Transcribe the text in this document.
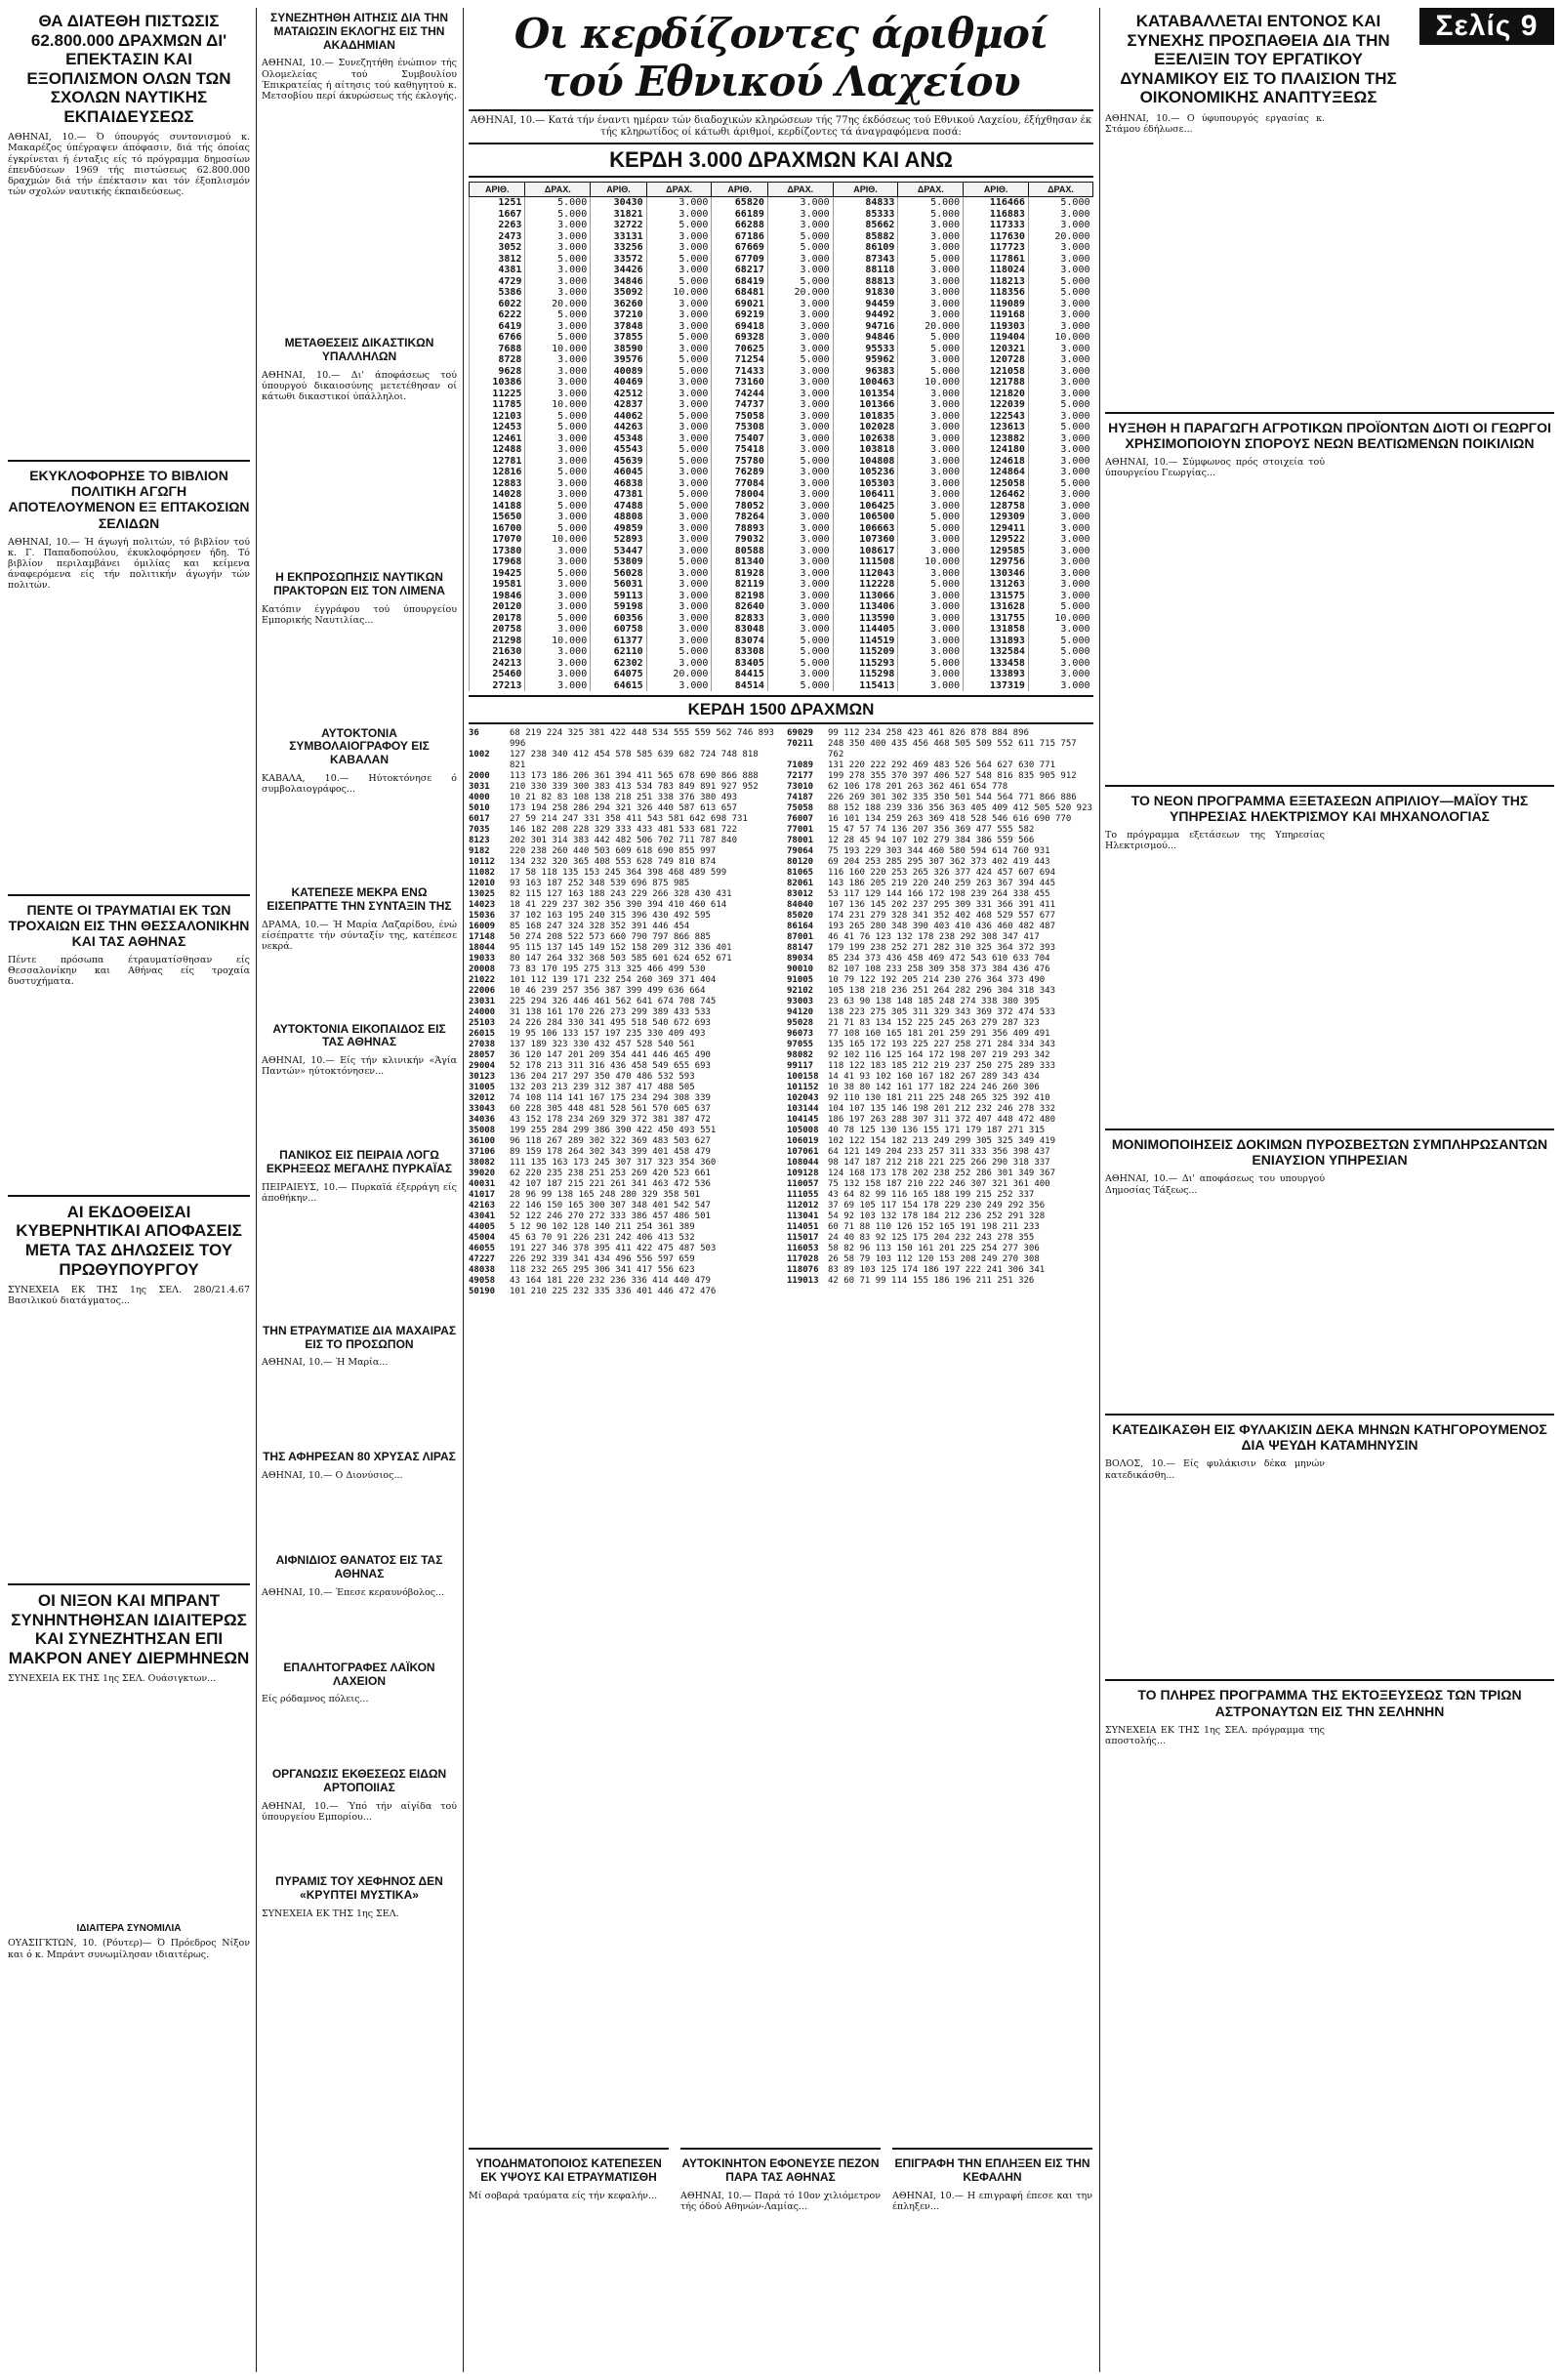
ΘΑ ΔΙΑΤΕΘΗ ΠΙΣΤΩΣΙΣ 62.800.000 ΔΡΑΧΜΩΝ ΔΙ' ΕΠΕΚΤΑΣΙΝ ΚΑΙ ΕΞΟΠΛΙΣΜΟΝ ΟΛΩΝ ΤΩΝ ΣΧΟΛΩΝ ΝΑΥΤΙΚΗΣ ΕΚΠΑΙΔΕΥΣΕΩΣ

ΑΘΗΝΑΙ, 10.— Ό ύπουργός συντονισμού κ. Μακαρέζος ύπέγραψεν άπόφασιν, διά τής όποίας έγκρίνεται ή ένταξις είς τό πρόγραμμα δημοσίων έπενδύσεων 1969 τής πιστώσεως 62.800.000 δραχμών διά τήν έπέκτασιν και τόν έξοπλισμόν τών σχολών ναυτικής έκπαιδεύσεως.

ΕΚΥΚΛΟΦΟΡΗΣΕ ΤΟ ΒΙΒΛΙΟΝ ΠΟΛΙΤΙΚΗ ΑΓΩΓΗ ΑΠΟΤΕΛΟΥΜΕΝΟΝ ΕΞ ΕΠΤΑΚΟΣΙΩΝ ΣΕΛΙΔΩΝ

ΑΘΗΝΑΙ, 10.— Ή άγωγή πολιτών, τό βιβλίον τού κ. Γ. Παπαδοπούλου, έκυκλοφόρησεν ήδη. Τό βιβλίον περιλαμβάνει όμιλίας και κείμενα άναφερόμενα είς τήν πολιτικήν άγωγήν τών πολιτών.

ΠΕΝΤΕ ΟΙ ΤΡΑΥΜΑΤΙΑΙ ΕΚ ΤΩΝ ΤΡΟΧΑΙΩΝ ΕΙΣ ΤΗΝ ΘΕΣΣΑΛΟΝΙΚΗΝ ΚΑΙ ΤΑΣ ΑΘΗΝΑΣ

Πέντε πρόσωπα έτραυματίσθησαν είς Θεσσαλονίκην και Αθήνας είς τροχαία δυστυχήματα.

ΑΙ ΕΚΔΟΘΕΙΣΑΙ ΚΥΒΕΡΝΗΤΙΚΑΙ ΑΠΟΦΑΣΕΙΣ ΜΕΤΑ ΤΑΣ ΔΗΛΩΣΕΙΣ ΤΟΥ ΠΡΩΘΥΠΟΥΡΓΟΥ

ΣΥΝΕΧΕΙΑ ΕΚ ΤΗΣ 1ης ΣΕΛ. 280/21.4.67 Βασιλικού διατάγματος...

ΟΙ ΝΙΞΟΝ ΚΑΙ ΜΠΡΑΝΤ ΣΥΝΗΝΤΗΘΗΣΑΝ ΙΔΙΑΙΤΕΡΩΣ ΚΑΙ ΣΥΝΕΖΗΤΗΣΑΝ ΕΠΙ ΜΑΚΡΟΝ ΑΝΕΥ ΔΙΕΡΜΗΝΕΩΝ

ΣΥΝΕΧΕΙΑ ΕΚ ΤΗΣ 1ης ΣΕΛ. Ουάσιγκτων...

ΙΔΙΑΙΤΕΡΑ ΣΥΝΟΜΙΛΙΑ

ΟΥΑΣΙΓΚΤΩΝ, 10. (Ρόυτερ)— Ό Πρόεδρος Νίξον και ό κ. Μπράντ συνωμίλησαν ιδιαιτέρως.

ΣΥΝΕΖΗΤΗΘΗ ΑΙΤΗΣΙΣ ΔΙΑ ΤΗΝ ΜΑΤΑΙΩΣΙΝ ΕΚΛΟΓΗΣ ΕΙΣ ΤΗΝ ΑΚΑΔΗΜΙΑΝ

ΑΘΗΝΑΙ, 10.— Συνεζητήθη ένώπιον τής Ολομελείας τού Συμβουλίου Έπικρατείας ή αίτησις τού καθηγητού κ. Μετσοβίου περί άκυρώσεως τής έκλογής.

ΜΕΤΑΘΕΣΕΙΣ ΔΙΚΑΣΤΙΚΩΝ ΥΠΑΛΛΗΛΩΝ

ΑΘΗΝΑΙ, 10.— Δι' άποφάσεως τού ύπουργού δικαιοσύνης μετετέθησαν οί κάτωθι δικαστικοί ύπάλληλοι.

Η ΕΚΠΡΟΣΩΠΗΣΙΣ ΝΑΥΤΙΚΩΝ ΠΡΑΚΤΟΡΩΝ ΕΙΣ ΤΟΝ ΛΙΜΕΝΑ

Κατόπιν έγγράφου τού ύπουργείου Εμπορικής Ναυτιλίας...

ΑΥΤΟΚΤΟΝΙΑ ΣΥΜΒΟΛΑΙΟΓΡΑΦΟΥ ΕΙΣ ΚΑΒΑΛΑΝ

ΚΑΒΑΛΑ, 10.— Ηύτοκτόνησε ό συμβολαιογράφος...

ΚΑΤΕΠΕΣΕ ΜΕΚΡΑ ΕΝΩ ΕΙΣΕΠΡΑΤΤΕ ΤΗΝ ΣΥΝΤΑΞΙΝ ΤΗΣ

ΔΡΑΜΑ, 10.— Ή Μαρία Λαζαρίδου, ένώ είσέπραττε τήν σύνταξίν της, κατέπεσε νεκρά.

ΑΥΤΟΚΤΟΝΙΑ ΕΙΚΟΠΑΙΔΟΣ ΕΙΣ ΤΑΣ ΑΘΗΝΑΣ

ΑΘΗΝΑΙ, 10.— Είς τήν κλινικήν «Άγία Παντών» ηύτοκτόνησεν...

ΠΑΝΙΚΟΣ ΕΙΣ ΠΕΙΡΑΙΑ ΛΟΓΩ ΕΚΡΗΞΕΩΣ ΜΕΓΑΛΗΣ ΠΥΡΚΑΪΑΣ

ΠΕΙΡΑΙΕΥΣ, 10.— Πυρκαϊά έξερράγη είς άποθήκην...

ΤΗΝ ΕΤΡΑΥΜΑΤΙΣΕ ΔΙΑ ΜΑΧΑΙΡΑΣ ΕΙΣ ΤΟ ΠΡΟΣΩΠΟΝ

ΑΘΗΝΑΙ, 10.— Ή Μαρία...

ΤΗΣ ΑΦΗΡΕΣΑΝ 80 ΧΡΥΣΑΣ ΛΙΡΑΣ

ΑΘΗΝΑΙ, 10.— Ο Διονύσιος...

ΑΙΦΝΙΔΙΟΣ ΘΑΝΑΤΟΣ ΕΙΣ ΤΑΣ ΑΘΗΝΑΣ

ΑΘΗΝΑΙ, 10.— Έπεσε κεραυνόβολος...

ΕΠΑΛΗΤΟΓΡΑΦΕΣ ΛΑΪΚΟΝ ΛΑΧΕΙΟΝ

Είς ρόδαμνος πόλεις...

ΟΡΓΑΝΩΣΙΣ ΕΚΘΕΣΕΩΣ ΕΙΔΩΝ ΑΡΤΟΠΟΙΙΑΣ

ΑΘΗΝΑΙ, 10.— Ύπό τήν αίγίδα τού ύπουργείου Εμπορίου...

ΠΥΡΑΜΙΣ ΤΟΥ ΧΕΦΗΝΟΣ ΔΕΝ «ΚΡΥΠΤΕΙ ΜΥΣΤΙΚΑ»

ΣΥΝΕΧΕΙΑ ΕΚ ΤΗΣ 1ης ΣΕΛ.

Οι κερδίζοντες άριθμοί τού Εθνικού Λαχείου
ΑΘΗΝΑΙ, 10.— Κατά τήν έναντι ημέραν τών διαδοχικών κληρώσεων τής 77ης έκδόσεως τού Εθνικού Λαχείου, έξήχθησαν έκ τής κληρωτίδος οί κάτωθι άριθμοί, κερδίζοντες τά άναγραφόμενα ποσά:
ΚΕΡΔΗ 3.000 ΔΡΑΧΜΩΝ ΚΑΙ ΑΝΩ
ΑΡΙΘ.	ΔΡΑΧ.	ΑΡΙΘ.	ΔΡΑΧ.	ΑΡΙΘ.	ΔΡΑΧ.	ΑΡΙΘ.	ΔΡΑΧ.	ΑΡΙΘ.	ΔΡΑΧ.
1251	5.000	30430	3.000	65820	3.000	84833	5.000	116466	5.000
1667	5.000	31821	3.000	66189	3.000	85333	5.000	116883	3.000
2263	3.000	32722	5.000	66288	3.000	85662	3.000	117333	3.000
2473	3.000	33131	3.000	67186	5.000	85882	3.000	117630	20.000
3052	3.000	33256	3.000	67669	5.000	86109	3.000	117723	3.000
3812	5.000	33572	5.000	67709	3.000	87343	5.000	117861	3.000
4381	3.000	34426	3.000	68217	3.000	88118	3.000	118024	3.000
4729	3.000	34846	5.000	68419	5.000	88813	3.000	118213	5.000
5386	3.000	35092	10.000	68481	20.000	91830	3.000	118356	5.000
6022	20.000	36260	3.000	69021	3.000	94459	3.000	119089	3.000
6222	5.000	37210	3.000	69219	3.000	94492	3.000	119168	3.000
6419	3.000	37848	3.000	69418	3.000	94716	20.000	119303	3.000
6766	5.000	37855	5.000	69328	3.000	94846	5.000	119404	10.000
7688	10.000	38590	3.000	70625	3.000	95533	5.000	120321	3.000
8728	3.000	39576	5.000	71254	5.000	95962	3.000	120728	3.000
9628	3.000	40089	5.000	71433	3.000	96383	5.000	121058	3.000
10386	3.000	40469	3.000	73160	3.000	100463	10.000	121788	3.000
11225	3.000	42512	3.000	74244	3.000	101354	3.000	121820	3.000
11785	10.000	42837	3.000	74737	3.000	101366	3.000	122039	5.000
12103	5.000	44062	5.000	75058	3.000	101835	3.000	122543	3.000
12453	5.000	44263	3.000	75308	3.000	102028	3.000	123613	5.000
12461	3.000	45348	3.000	75407	3.000	102638	3.000	123882	3.000
12488	3.000	45543	5.000	75418	3.000	103818	3.000	124180	3.000
12781	3.000	45639	5.000	75780	5.000	104808	3.000	124618	3.000
12816	5.000	46045	3.000	76289	3.000	105236	3.000	124864	3.000
12883	3.000	46838	3.000	77084	3.000	105303	3.000	125058	5.000
14028	3.000	47381	5.000	78004	3.000	106411	3.000	126462	3.000
14188	5.000	47488	5.000	78052	3.000	106425	3.000	128758	3.000
15650	3.000	48808	3.000	78264	3.000	106500	5.000	129309	3.000
16700	5.000	49859	3.000	78893	3.000	106663	5.000	129411	3.000
17070	10.000	52893	3.000	79032	3.000	107360	3.000	129522	3.000
17380	3.000	53447	3.000	80588	3.000	108617	3.000	129585	3.000
17968	3.000	53809	5.000	81340	3.000	111508	10.000	129756	3.000
19425	5.000	56028	3.000	81928	3.000	112043	3.000	130346	3.000
19581	3.000	56031	3.000	82119	3.000	112228	5.000	131263	3.000
19846	3.000	59113	3.000	82198	3.000	113066	3.000	131575	3.000
20120	3.000	59198	3.000	82640	3.000	113406	3.000	131628	5.000
20178	5.000	60356	3.000	82833	3.000	113590	3.000	131755	10.000
20758	3.000	60758	3.000	83048	3.000	114405	3.000	131858	3.000
21298	10.000	61377	3.000	83074	5.000	114519	3.000	131893	5.000
21630	3.000	62110	5.000	83308	5.000	115209	3.000	132584	5.000
24213	3.000	62302	3.000	83405	5.000	115293	5.000	133458	3.000
25460	3.000	64075	20.000	84415	3.000	115298	3.000	133893	3.000
27213	3.000	64615	3.000	84514	5.000	115413	3.000	137319	3.000
ΚΕΡΔΗ 1500 ΔΡΑΧΜΩΝ
36	68 219 224 325 381 422 448 534 555 559 562 746 893 996
1002	127 238 340 412 454 578 585 639 682 724 748 818 821
2000	113 173 186 206 361 394 411 565 678 690 866 888
3031	210 330 339 300 383 413 534 783 849 891 927 952
4000	10 21 82 83 108 138 218 251 338 376 380 493
5010	173 194 258 286 294 321 326 440 587 613 657
6017	27 59 214 247 331 358 411 543 581 642 698 731
7035	146 182 208 228 329 333 433 481 533 681 722
8123	202 301 314 383 442 482 506 702 711 787 840
9182	220 238 260 440 503 609 618 690 855 997
10112	134 232 320 365 408 553 628 749 810 874
11082	17 58 118 135 153 245 364 398 468 489 599
12010	93 163 187 252 348 539 696 875 985
13025	82 115 127 163 188 243 229 266 328 430 431
14023	18 41 229 237 302 356 390 394 410 460 614
15036	37 102 163 195 240 315 396 430 492 595
16009	85 168 247 324 328 352 391 446 454
17148	50 274 208 522 573 660 790 797 866 885
18044	95 115 137 145 149 152 158 209 312 336 401
19033	80 147 264 332 368 503 585 601 624 652 671
20008	73 83 170 195 275 313 325 466 499 530
21022	101 112 139 171 232 254 260 369 371 404
22006	10 46 239 257 356 387 399 499 636 664
23031	225 294 326 446 461 562 641 674 708 745
24000	31 138 161 170 226 273 299 389 433 533
25103	24 226 284 330 341 495 518 540 672 693
26015	19 95 106 133 157 197 235 330 409 493
27038	137 189 323 330 432 457 528 540 561
28057	36 120 147 201 209 354 441 446 465 490
29004	52 178 213 311 316 436 458 549 655 693
30123	136 204 217 297 350 470 486 532 593
31005	132 203 213 239 312 387 417 488 505
32012	74 108 114 141 167 175 234 294 308 339
33043	60 228 305 448 481 528 561 570 605 637
34036	43 152 178 234 269 329 372 381 387 472
35008	199 255 284 299 386 390 422 450 493 551
36100	96 118 267 289 302 322 369 483 503 627
37106	89 159 178 264 302 343 399 401 458 479
38082	111 135 163 173 245 307 317 323 354 360
39020	62 220 235 238 251 253 269 420 523 661
40031	42 107 187 215 221 261 341 463 472 536
41017	28 96 99 138 165 248 280 329 358 501
42163	22 146 150 165 300 307 348 401 542 547
43041	52 122 246 270 272 333 386 457 486 501
44005	5 12 90 102 128 140 211 254 361 389
45004	45 63 70 91 226 231 242 406 413 532
46055	191 227 346 378 395 411 422 475 487 503
47227	226 292 339 341 434 496 556 597 659
48038	118 232 265 295 306 341 417 556 623
49058	43 164 181 220 232 236 336 414 440 479
50190	101 210 225 232 335 336 401 446 472 476
69029	99 112 234 258 423 461 826 878 884 896
70211	248 350 400 435 456 468 505 509 552 611 715 757 762
71089	131 220 222 292 469 483 526 564 627 630 771
72177	199 278 355 370 397 406 527 548 816 835 905 912
73010	62 106 178 201 263 362 461 654 778
74187	226 269 301 302 335 350 501 544 564 771 866 886
75058	88 152 188 239 336 356 363 405 409 412 505 520 923
76007	16 101 134 259 263 369 418 528 546 616 690 770
77001	15 47 57 74 136 207 356 369 477 555 582
78001	12 28 45 94 107 102 279 384 386 559 566
79064	75 193 229 303 344 460 580 594 614 760 931
80120	69 204 253 285 295 307 362 373 402 419 443
81065	116 160 220 253 265 326 377 424 457 607 694
82061	143 186 205 219 220 240 259 263 367 394 445
83012	53 117 129 144 166 172 198 239 264 338 455
84040	107 136 145 202 237 295 309 331 366 391 411
85020	174 231 279 328 341 352 402 468 529 557 677
86164	193 265 280 348 390 403 410 436 460 482 487
87001	46 41 76 123 132 178 238 292 308 347 417
88147	179 199 238 252 271 282 310 325 364 372 393
89034	85 234 373 436 458 469 472 543 610 633 704
90010	82 107 108 233 258 309 358 373 384 436 476
91005	10 79 122 192 205 214 230 276 364 373 490
92102	105 138 218 236 251 264 282 296 304 318 343
93003	23 63 90 138 148 185 248 274 338 380 395
94120	138 223 275 305 311 329 343 369 372 474 533
95028	21 71 83 134 152 225 245 263 279 287 323
96073	77 108 160 165 181 201 259 291 356 409 491
97055	135 165 172 193 225 227 258 271 284 334 343
98082	92 102 116 125 164 172 198 207 219 293 342
99117	118 122 183 185 212 219 237 250 275 289 333
100158	14 41 93 102 160 167 182 267 289 343 434
101152	10 38 80 142 161 177 182 224 246 260 306
102043	92 110 130 181 211 225 248 265 325 392 410
103144	104 107 135 146 198 201 212 232 246 278 332
104145	186 197 263 288 307 311 372 407 448 472 480
105008	40 78 125 130 136 155 171 179 187 271 315
106019	102 122 154 182 213 249 299 305 325 349 419
107061	64 121 149 204 233 257 311 333 356 398 437
108044	98 147 187 212 218 221 225 266 290 318 337
109128	124 168 173 178 202 238 252 286 301 349 367
110057	75 132 158 187 210 222 246 307 321 361 400
111055	43 64 82 99 116 165 188 199 215 252 337
112012	37 69 105 117 154 178 229 230 249 292 356
113041	54 92 103 132 178 184 212 236 252 291 328
114051	60 71 88 110 126 152 165 191 198 211 233
115017	24 40 83 92 125 175 204 232 243 278 355
116053	58 82 96 113 150 161 201 225 254 277 306
117028	26 58 79 103 112 120 153 208 249 270 308
118076	83 89 103 125 174 186 197 222 241 306 341
119013	42 60 71 99 114 155 186 196 211 251 326
ΥΠΟΔΗΜΑΤΟΠΟΙΟΣ ΚΑΤΕΠΕΣΕΝ ΕΚ ΥΨΟΥΣ ΚΑΙ ΕΤΡΑΥΜΑΤΙΣΘΗ

Μί σοβαρά τραύματα είς τήν κεφαλήν...

ΑΥΤΟΚΙΝΗΤΟΝ ΕΦΟΝΕΥΣΕ ΠΕΖΟΝ ΠΑΡΑ ΤΑΣ ΑΘΗΝΑΣ

ΑΘΗΝΑΙ, 10.— Παρά τό 10ον χιλιόμετρον τής όδού Αθηνών-Λαμίας...

ΕΠΙΓΡΑΦΗ ΤΗΝ ΕΠΛΗΞΕΝ ΕΙΣ ΤΗΝ ΚΕΦΑΛΗΝ

ΑΘΗΝΑΙ, 10.— Η επιγραφή έπεσε και την έπληξεν...

ΚΑΤΑΒΑΛΛΕΤΑΙ ΕΝΤΟΝΟΣ ΚΑΙ ΣΥΝΕΧΗΣ ΠΡΟΣΠΑΘΕΙΑ ΔΙΑ ΤΗΝ ΕΞΕΛΙΞΙΝ ΤΟΥ ΕΡΓΑΤΙΚΟΥ ΔΥΝΑΜΙΚΟΥ ΕΙΣ ΤΟ ΠΛΑΙΣΙΟΝ ΤΗΣ ΟΙΚΟΝΟΜΙΚΗΣ ΑΝΑΠΤΥΞΕΩΣ
Σελίς 9

ΑΘΗΝΑΙ, 10.— Ο ύφυπουργός εργασίας κ. Στάμου έδήλωσε...

ΗΥΞΗΘΗ Η ΠΑΡΑΓΩΓΗ ΑΓΡΟΤΙΚΩΝ ΠΡΟΪΟΝΤΩΝ ΔΙΟΤΙ ΟΙ ΓΕΩΡΓΟΙ ΧΡΗΣΙΜΟΠΟΙΟΥΝ ΣΠΟΡΟΥΣ ΝΕΩΝ ΒΕΛΤΙΩΜΕΝΩΝ ΠΟΙΚΙΛΙΩΝ

ΑΘΗΝΑΙ, 10.— Σύμφωνος πρός στοιχεία τού ύπουργείου Γεωργίας...

ΤΟ ΝΕΟΝ ΠΡΟΓΡΑΜΜΑ ΕΞΕΤΑΣΕΩΝ ΑΠΡΙΛΙΟΥ—ΜΑΪΟΥ ΤΗΣ ΥΠΗΡΕΣΙΑΣ ΗΛΕΚΤΡΙΣΜΟΥ ΚΑΙ ΜΗΧΑΝΟΛΟΓΙΑΣ

Το πρόγραμμα εξετάσεων της Υπηρεσίας Ηλεκτρισμού...

ΜΟΝΙΜΟΠΟΙΗΣΕΙΣ ΔΟΚΙΜΩΝ ΠΥΡΟΣΒΕΣΤΩΝ ΣΥΜΠΛΗΡΩΣΑΝΤΩΝ ΕΝΙΑΥΣΙΟΝ ΥΠΗΡΕΣΙΑΝ

ΑΘΗΝΑΙ, 10.— Δι' αποφάσεως του υπουργού Δημοσίας Τάξεως...

ΚΑΤΕΔΙΚΑΣΘΗ ΕΙΣ ΦΥΛΑΚΙΣΙΝ ΔΕΚΑ ΜΗΝΩΝ ΚΑΤΗΓΟΡΟΥΜΕΝΟΣ ΔΙΑ ΨΕΥΔΗ ΚΑΤΑΜΗΝΥΣΙΝ

ΒΟΛΟΣ, 10.— Είς φυλάκισιν δέκα μηνών κατεδικάσθη...

ΤΟ ΠΛΗΡΕΣ ΠΡΟΓΡΑΜΜΑ ΤΗΣ ΕΚΤΟΞΕΥΣΕΩΣ ΤΩΝ ΤΡΙΩΝ ΑΣΤΡΟΝΑΥΤΩΝ ΕΙΣ ΤΗΝ ΣΕΛΗΝΗΝ

ΣΥΝΕΧΕΙΑ ΕΚ ΤΗΣ 1ης ΣΕΛ. πρόγραμμα της αποστολής...
